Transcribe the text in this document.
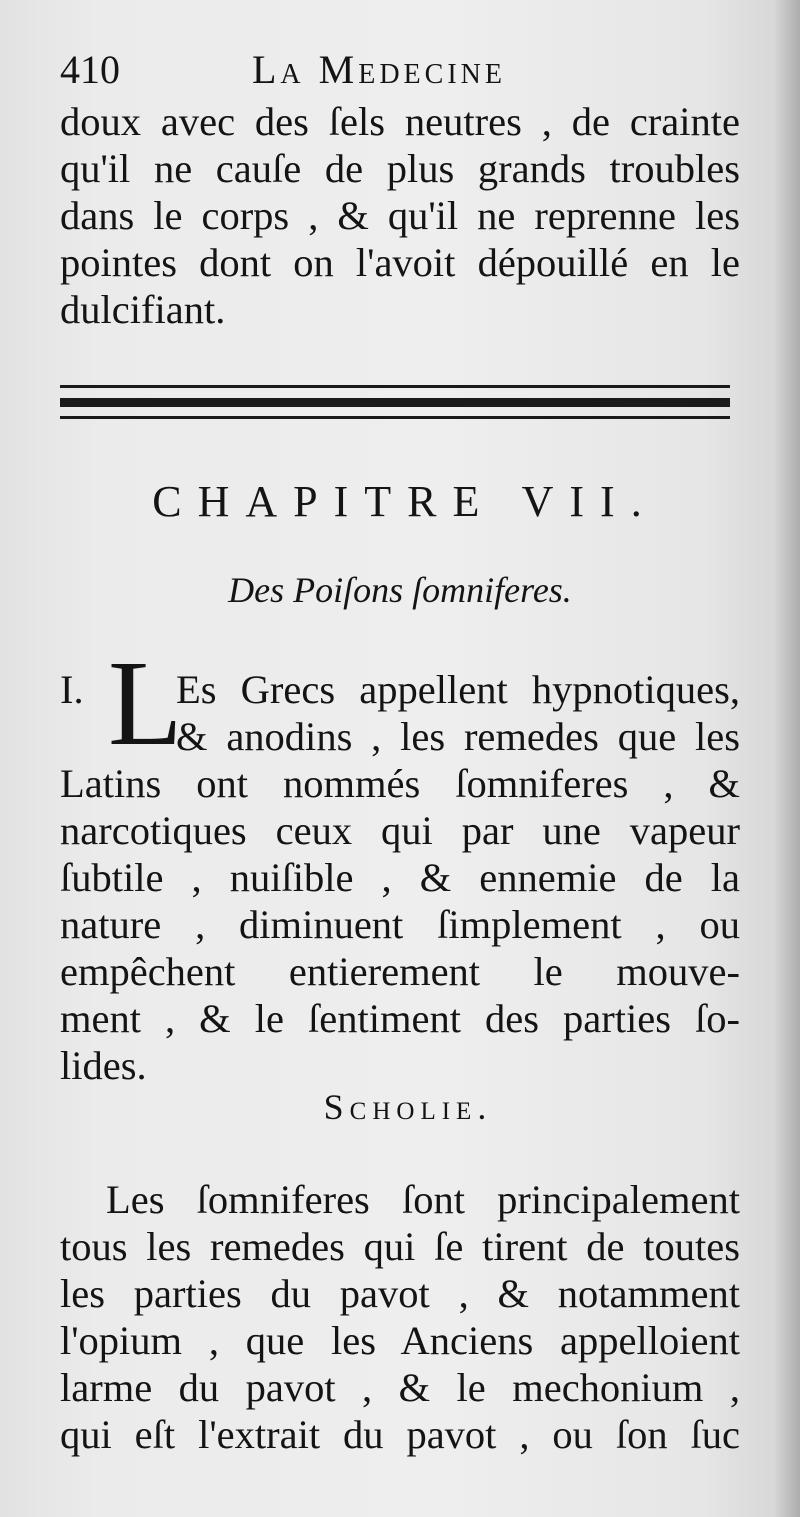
410	La Medecine
doux avec des ſels neutres , de crainte
qu'il ne cauſe de plus grands troubles
dans le corps , & qu'il ne reprenne les
pointes dont on l'avoit dépouillé en le
dulcifiant.
CHAPITRE VII.
Des Poiſons ſomniferes.
I. L
Es Grecs appellent hypnotiques,
& anodins , les remedes que les
Latins ont nommés ſomniferes , &
narcotiques ceux qui par une vapeur
ſubtile , nuiſible , & ennemie de la
nature , diminuent ſimplement , ou
empêchent entierement le mouve-
ment , & le ſentiment des parties ſo-
lides.
Scholie.
Les ſomniferes ſont principalement
tous les remedes qui ſe tirent de toutes
les parties du pavot , & notamment
l'opium , que les Anciens appelloient
larme du pavot , & le mechonium ,
qui eſt l'extrait du pavot , ou ſon ſuc
